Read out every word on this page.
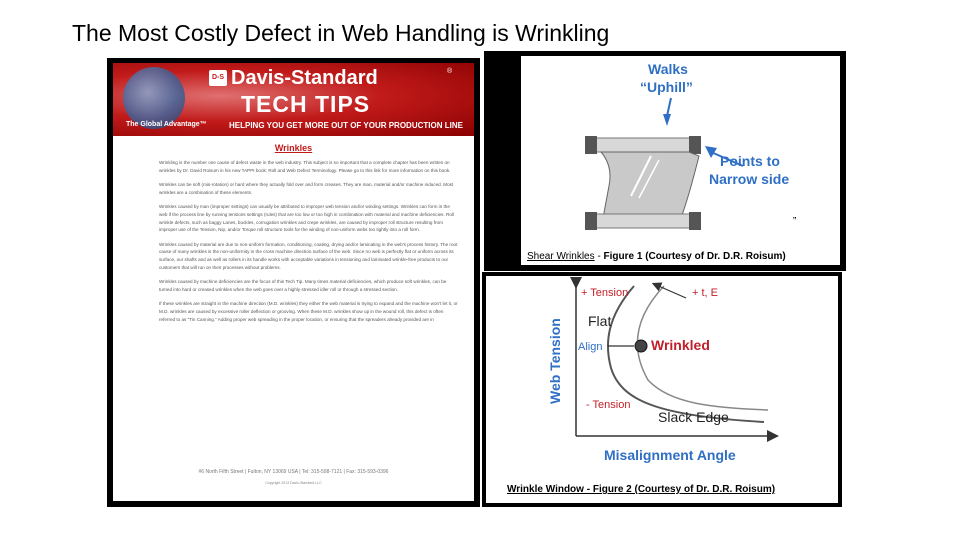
The Most Costly Defect in Web Handling is Wrinkling
D-S Davis-Standard	®
TECH TIPS
The Global Advantage™	HELPING YOU GET MORE OUT OF YOUR PRODUCTION LINE
Wrinkles

Wrinkling is the number one cause of defect waste in the web industry. This subject is so important that a complete chapter has been written on wrinkles by Dr. David Roisum in his new TAPPI book: Roll and Web Defect Terminology. Please go to this link for more information on this book.

Wrinkles can be soft (mis-rotation) or hard where they actually fold over and form creases. They are man, material and/or machine induced. Most wrinkles are a combination of these elements.

Wrinkles caused by man (improper settings) can usually be attributed to improper web tension and/or winding settings. Wrinkles can form in the web if the process line by running tensions settings (rules) that are too low or too high in combination with material and machine deficiencies. Roll wrinkle defects, such as baggy Lanes, buckles, corrugation wrinkles and crepe wrinkles, are caused by improper roll structure resulting from improper use of the Tension, Nip, and/or Torque roll structure tools for the winding of non-uniform webs too tightly into a roll form.

Wrinkles caused by material are due to non-uniform formation, conditioning, coating, drying and/or laminating in the web's process history. The root cause of many wrinkles is the non-uniformity in the cross machine direction surface of the web. Since no web is perfectly flat or uniform across its surface, our shafts and as well as rollers in its handle works with acceptable variations in tensioning and laminated wrinkle-free products to our customers that will run on their processes without problems.

Wrinkles caused by machine deficiencies are the focus of this Tech Tip. Many times material deficiencies, which produce soft wrinkles, can be turned into hard or creased wrinkles when the web goes over a highly stressed idler roll or through a stressed section.

If these wrinkles are straight in the machine direction (M.D. wrinkles) they either the web material is trying to expand and the machine won't let it, or M.D. wrinkles are caused by excessive roller deflection or grooving. When these M.D. wrinkles show up in the wound roll, this defect is often referred to as "Tin Canning." Adding proper web spreading in the proper location, or ensuring that the spreaders already provided are in

#6 North Fifth Street | Fulton, NY 13069 USA | Tel: 315-598-7121 | Fax: 315-593-0396
Copyright 2013 Davis-Standard LLC
Walks
“Uphill”
Points to
Narrow side
”
Shear Wrinkles - Figure 1 (Courtesy of Dr. D.R. Roisum)
+ Tension	+ t, E
Flat
Align	Wrinkled
- Tension
Slack Edge
Misalignment Angle
Web Tension
Wrinkle Window - Figure 2 (Courtesy of Dr. D.R. Roisum)
